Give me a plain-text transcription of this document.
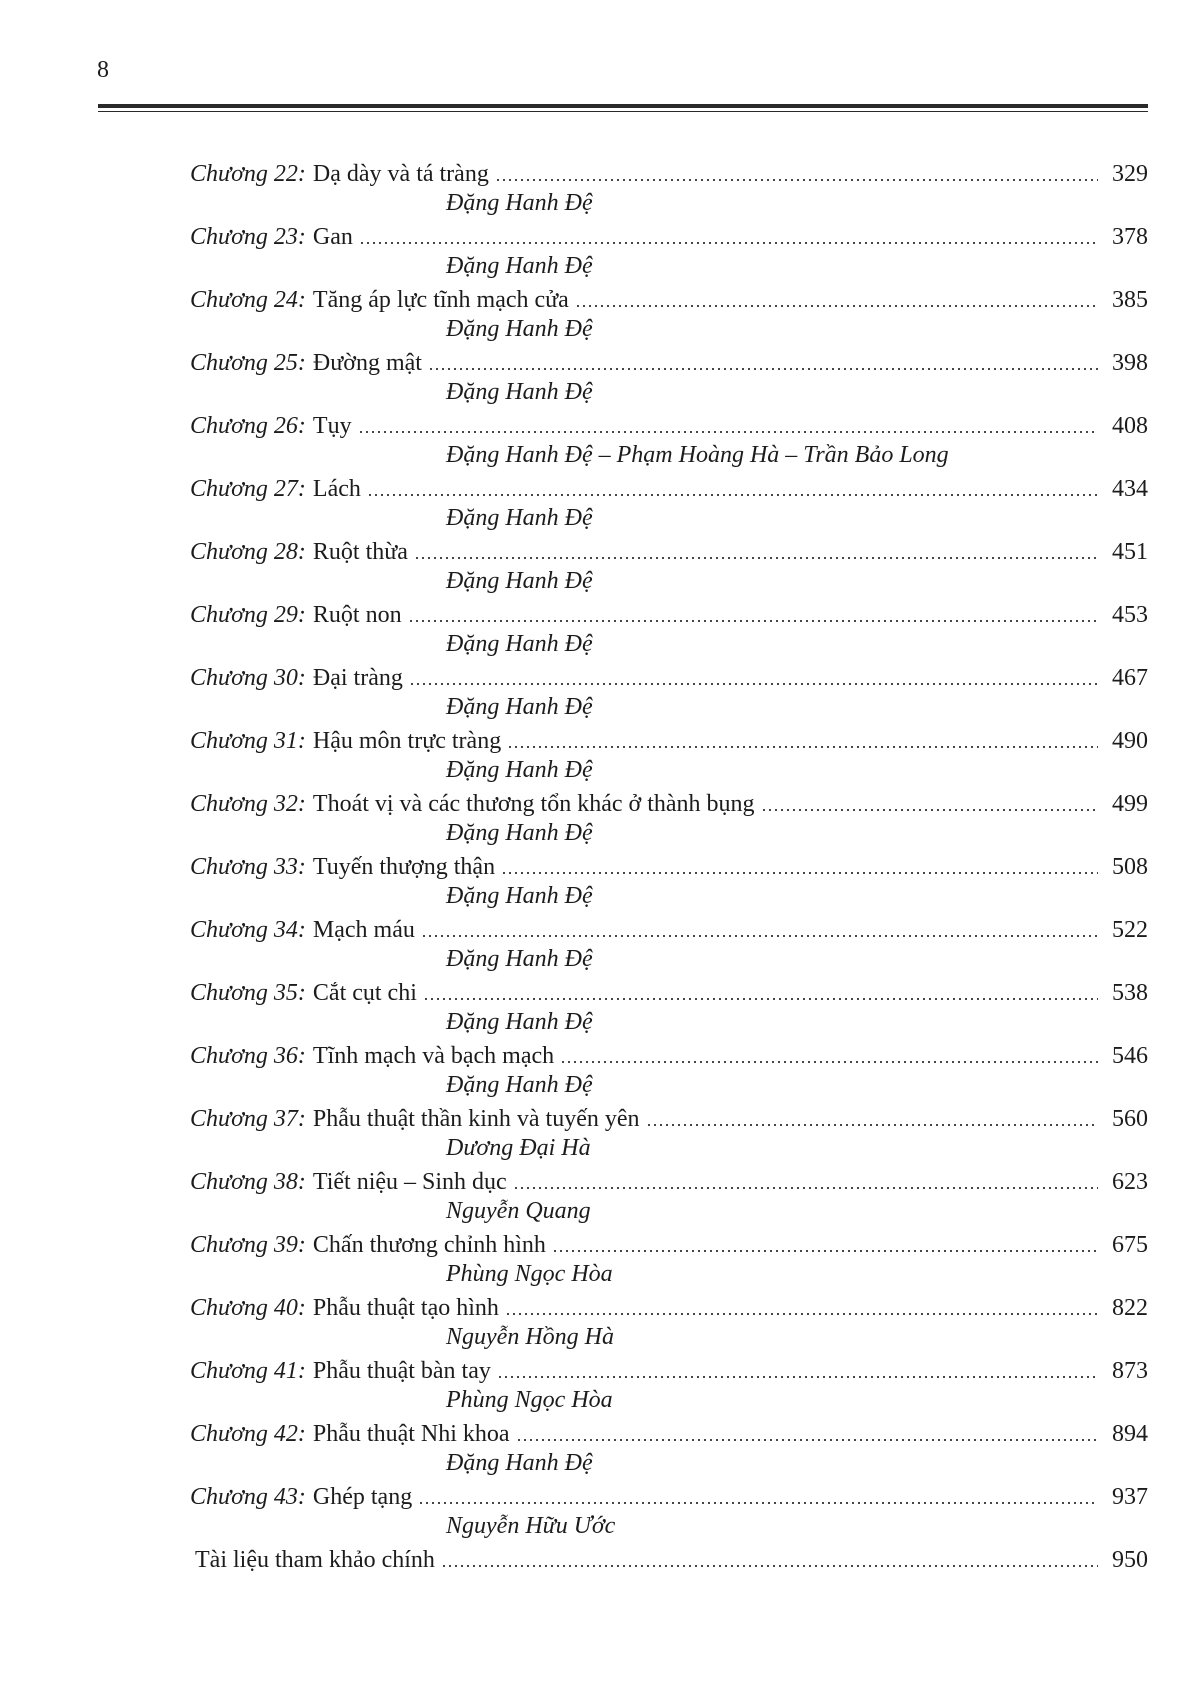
8
Chương 22: Dạ dày và tá tràng	329
Đặng Hanh Đệ
Chương 23: Gan	378
Đặng Hanh Đệ
Chương 24: Tăng áp lực tĩnh mạch cửa	385
Đặng Hanh Đệ
Chương 25: Đường mật	398
Đặng Hanh Đệ
Chương 26: Tụy	408
Đặng Hanh Đệ – Phạm Hoàng Hà – Trần Bảo Long
Chương 27: Lách	434
Đặng Hanh Đệ
Chương 28: Ruột thừa	451
Đặng Hanh Đệ
Chương 29: Ruột non	453
Đặng Hanh Đệ
Chương 30: Đại tràng	467
Đặng Hanh Đệ
Chương 31: Hậu môn trực tràng	490
Đặng Hanh Đệ
Chương 32: Thoát vị và các thương tổn khác ở thành bụng	499
Đặng Hanh Đệ
Chương 33: Tuyến thượng thận	508
Đặng Hanh Đệ
Chương 34: Mạch máu	522
Đặng Hanh Đệ
Chương 35: Cắt cụt chi	538
Đặng Hanh Đệ
Chương 36: Tĩnh mạch và bạch mạch	546
Đặng Hanh Đệ
Chương 37: Phẫu thuật thần kinh và tuyến yên	560
Dương Đại Hà
Chương 38: Tiết niệu – Sinh dục	623
Nguyễn Quang
Chương 39: Chấn thương chỉnh hình	675
Phùng Ngọc Hòa
Chương 40: Phẫu thuật tạo hình	822
Nguyễn Hồng Hà
Chương 41: Phẫu thuật bàn tay	873
Phùng Ngọc Hòa
Chương 42: Phẫu thuật Nhi khoa	894
Đặng Hanh Đệ
Chương 43: Ghép tạng	937
Nguyễn Hữu Ước
Tài liệu tham khảo chính	950
